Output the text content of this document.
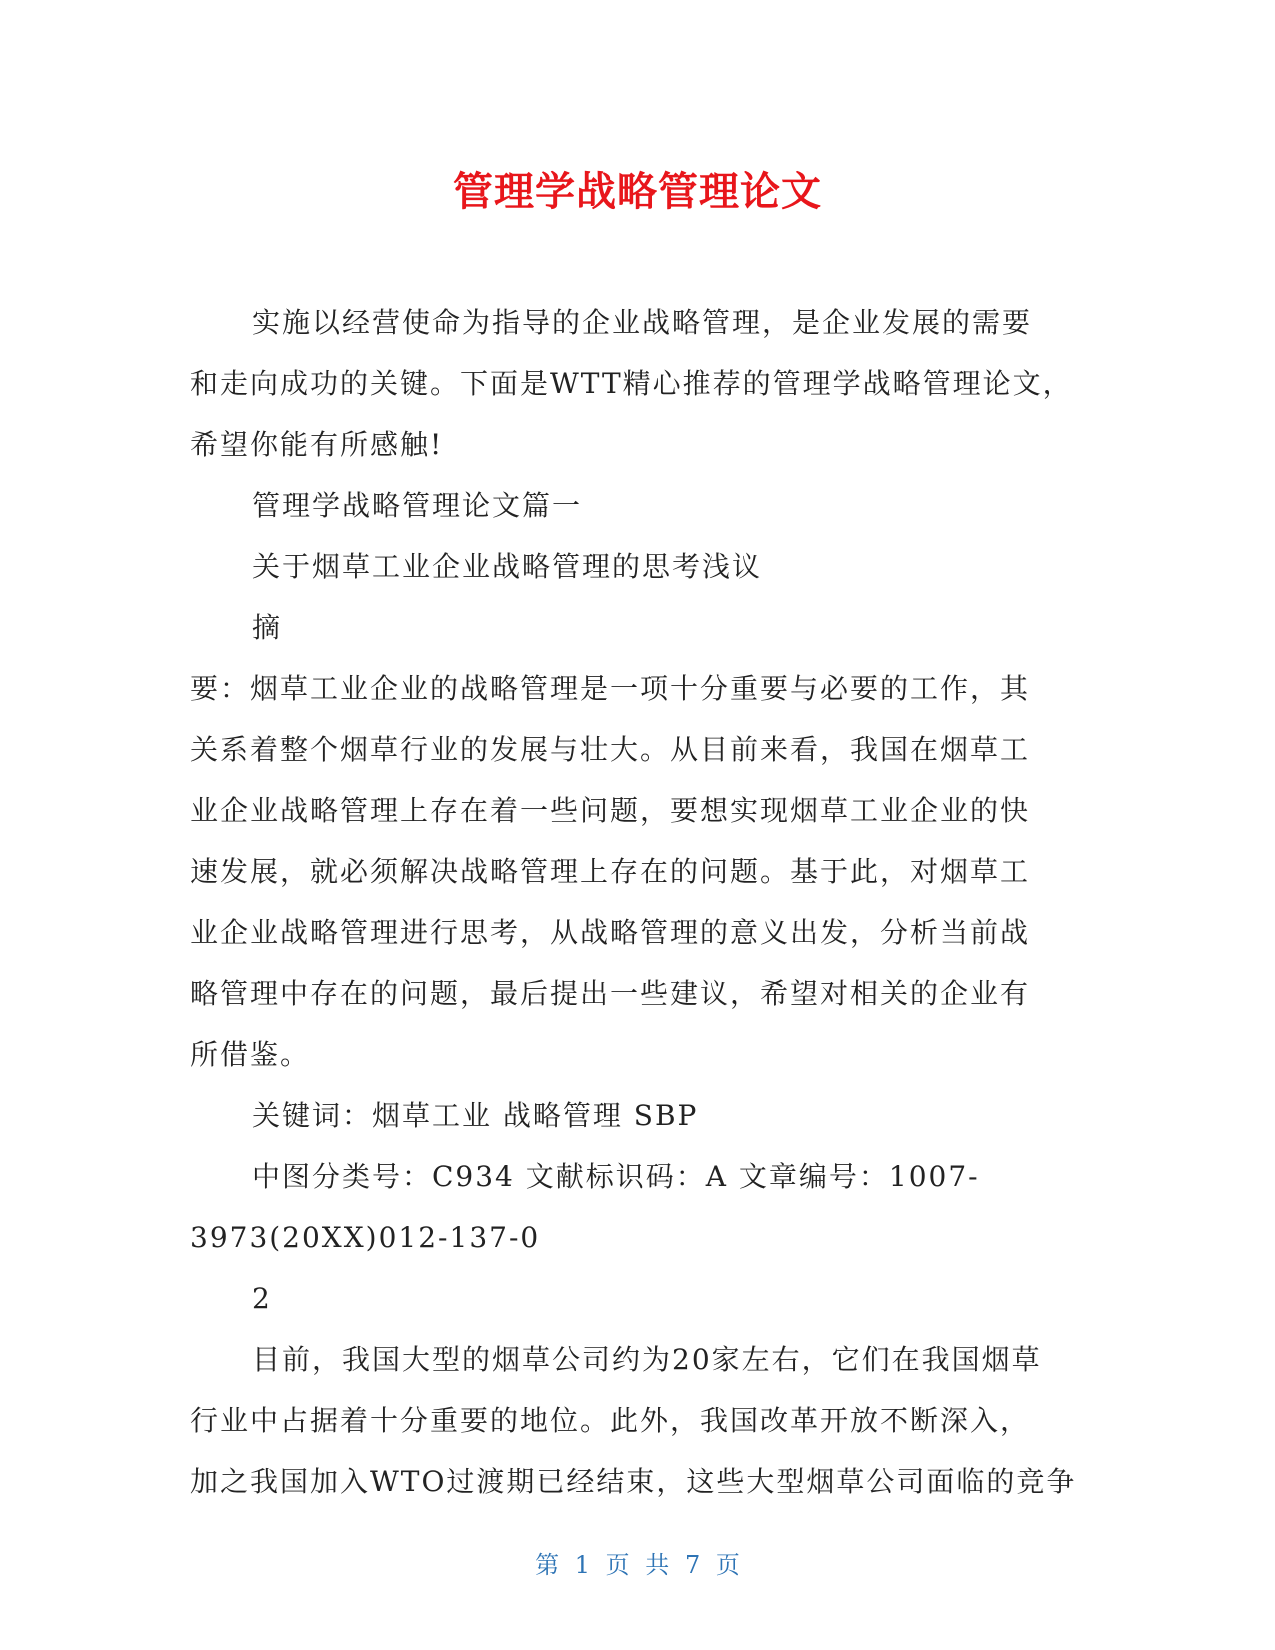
管理学战略管理论文
实施以经营使命为指导的企业战略管理，是企业发展的需要
和走向成功的关键。下面是WTT精心推荐的管理学战略管理论文，
希望你能有所感触!
管理学战略管理论文篇一
关于烟草工业企业战略管理的思考浅议
摘
要：烟草工业企业的战略管理是一项十分重要与必要的工作，其
关系着整个烟草行业的发展与壮大。从目前来看，我国在烟草工
业企业战略管理上存在着一些问题，要想实现烟草工业企业的快
速发展，就必须解决战略管理上存在的问题。基于此，对烟草工
业企业战略管理进行思考，从战略管理的意义出发，分析当前战
略管理中存在的问题，最后提出一些建议，希望对相关的企业有
所借鉴。
关键词：烟草工业 战略管理 SBP
中图分类号：C934 文献标识码：A 文章编号：1007-
3973(20XX)012-137-0
2
目前，我国大型的烟草公司约为20家左右，它们在我国烟草
行业中占据着十分重要的地位。此外，我国改革开放不断深入，
加之我国加入WTO过渡期已经结束，这些大型烟草公司面临的竞争
第 1 页 共 7 页
